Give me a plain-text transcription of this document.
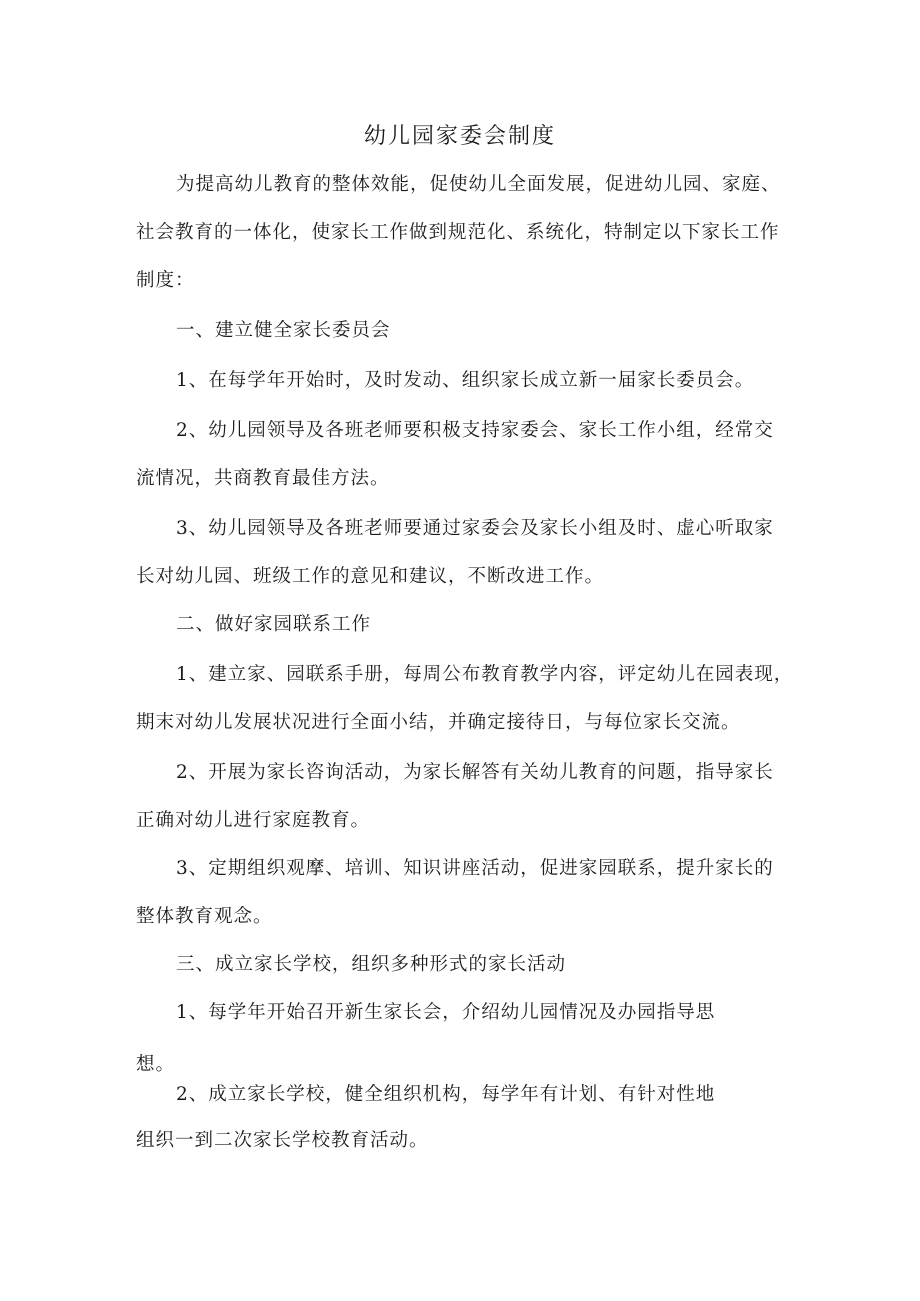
幼儿园家委会制度
为提高幼儿教育的整体效能，促使幼儿全面发展，促进幼儿园、家庭、
社会教育的一体化，使家长工作做到规范化、系统化，特制定以下家长工作
制度：
一、建立健全家长委员会
1、在每学年开始时，及时发动、组织家长成立新一届家长委员会。
2、幼儿园领导及各班老师要积极支持家委会、家长工作小组，经常交
流情况，共商教育最佳方法。
3、幼儿园领导及各班老师要通过家委会及家长小组及时、虚心听取家
长对幼儿园、班级工作的意见和建议，不断改进工作。
二、做好家园联系工作
1、建立家、园联系手册，每周公布教育教学内容，评定幼儿在园表现，
期末对幼儿发展状况进行全面小结，并确定接待日，与每位家长交流。
2、开展为家长咨询活动，为家长解答有关幼儿教育的问题，指导家长
正确对幼儿进行家庭教育。
3、定期组织观摩、培训、知识讲座活动，促进家园联系，提升家长的
整体教育观念。
三、成立家长学校，组织多种形式的家长活动
1、每学年开始召开新生家长会，介绍幼儿园情况及办园指导思
想。
2、成立家长学校，健全组织机构，每学年有计划、有针对性地
组织一到二次家长学校教育活动。
